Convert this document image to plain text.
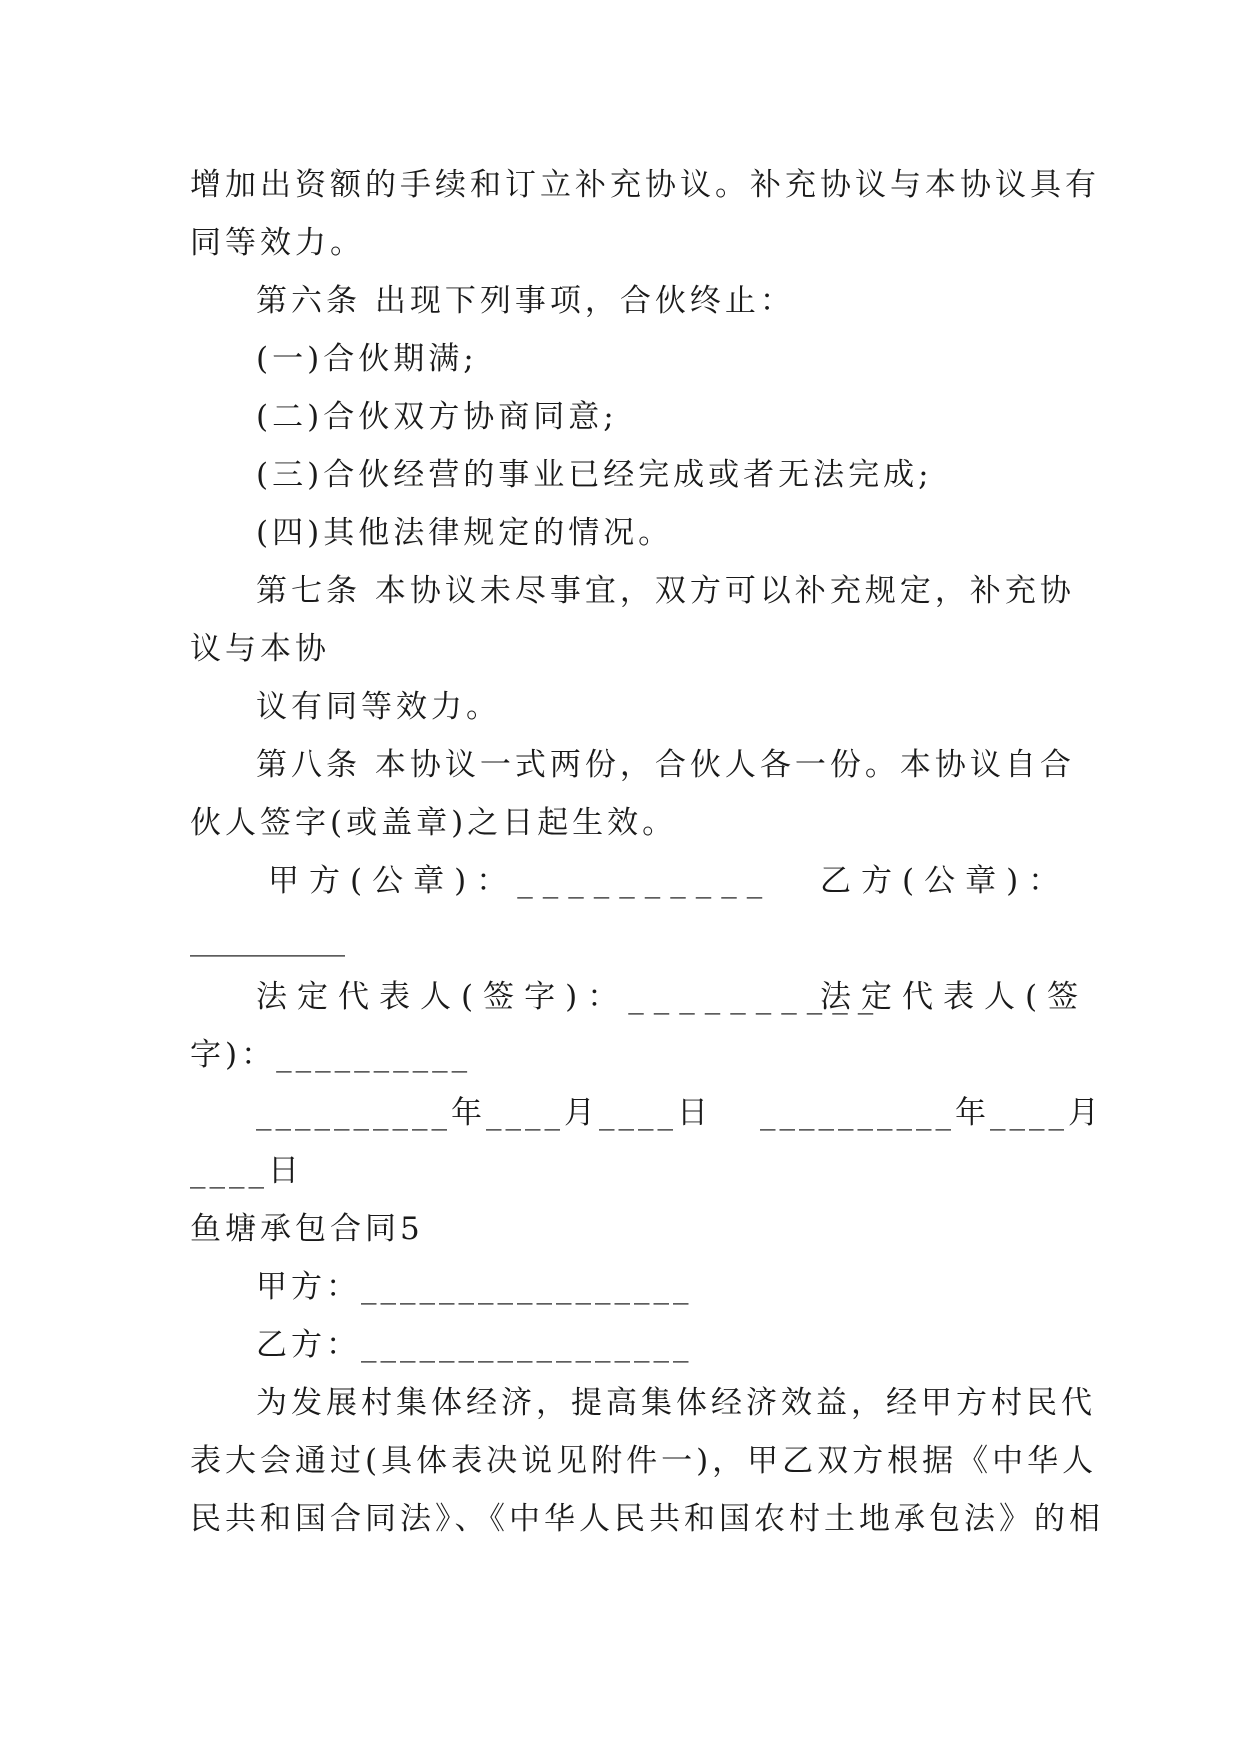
增加出资额的手续和订立补充协议。补充协议与本协议具有
同等效力。
第六条 出现下列事项，合伙终止：
(一)合伙期满;
(二)合伙双方协商同意;
(三)合伙经营的事业已经完成或者无法完成;
(四)其他法律规定的情况。
第七条 本协议未尽事宜，双方可以补充规定，补充协
议与本协
议有同等效力。
第八条 本协议一式两份，合伙人各一份。本协议自合
伙人签字(或盖章)之日起生效。
甲方(公章)：__________ 乙方(公章)：
__________
法定代表人(签字)：__________
法定代表人(签
字)：__________
__________年____月____日 __________年____月
____日
鱼塘承包合同5
甲方：_________________
乙方：_________________
为发展村集体经济，提高集体经济效益，经甲方村民代
表大会通过(具体表决说见附件一)，甲乙双方根据《中华人
民共和国合同法》、《中华人民共和国农村土地承包法》的相
